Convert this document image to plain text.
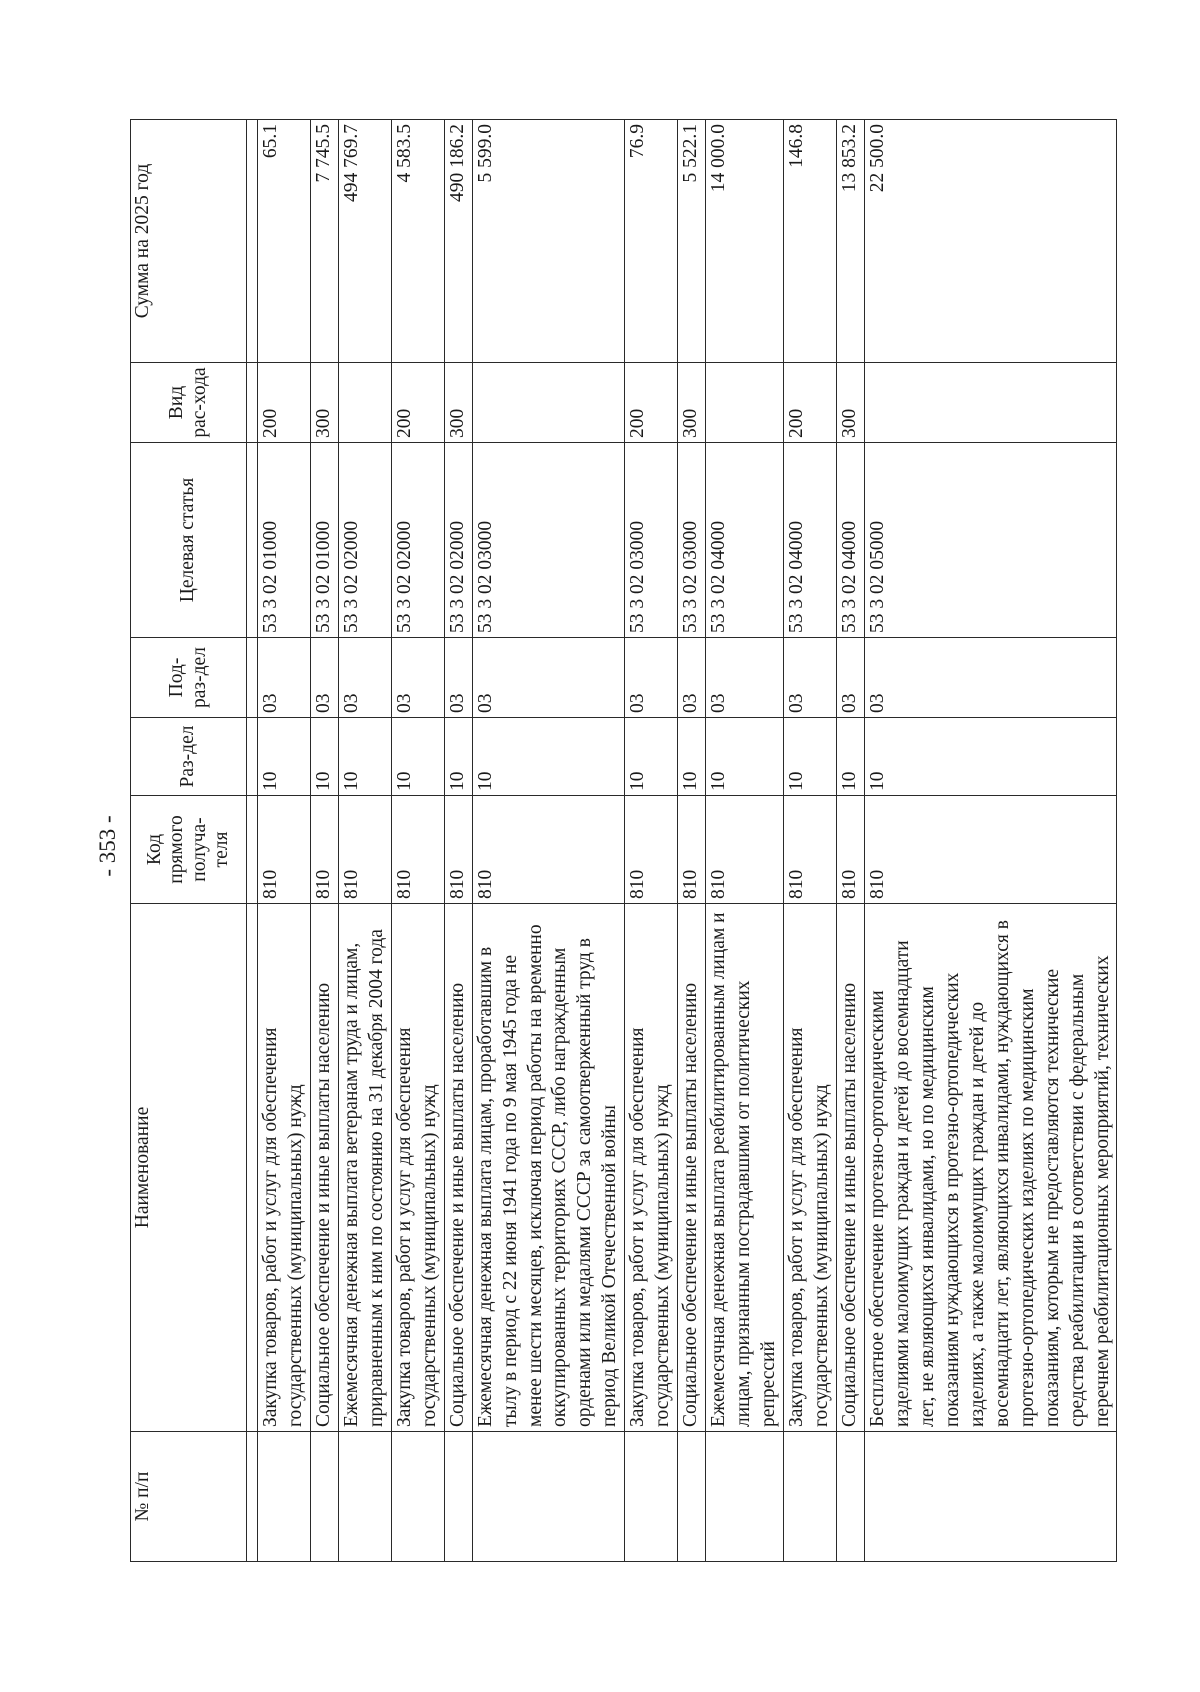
- 353 -
№ п/п	Наименование	Код прямого получа-теля	Раз-дел	Под-раз-дел	Целевая статья	Вид рас-хода	Сумма на 2025 год

	Закупка товаров, работ и услуг для обеспечения государственных (муниципальных) нужд	810	10	03	53 3 02 01000	200	65.1
	Социальное обеспечение и иные выплаты населению	810	10	03	53 3 02 01000	300	7 745.5
	Ежемесячная денежная выплата ветеранам труда и лицам, приравненным к ним по состоянию на 31 декабря 2004 года	810	10	03	53 3 02 02000		494 769.7
	Закупка товаров, работ и услуг для обеспечения государственных (муниципальных) нужд	810	10	03	53 3 02 02000	200	4 583.5
	Социальное обеспечение и иные выплаты населению	810	10	03	53 3 02 02000	300	490 186.2
	Ежемесячная денежная выплата лицам, проработавшим в тылу в период с 22 июня 1941 года по 9 мая 1945 года не менее шести месяцев, исключая период работы на временно оккупированных территориях СССР, либо награжденным орденами или медалями СССР за самоотверженный труд в период Великой Отечественной войны	810	10	03	53 3 02 03000		5 599.0
	Закупка товаров, работ и услуг для обеспечения государственных (муниципальных) нужд	810	10	03	53 3 02 03000	200	76.9
	Социальное обеспечение и иные выплаты населению	810	10	03	53 3 02 03000	300	5 522.1
	Ежемесячная денежная выплата реабилитированным лицам и лицам, признанным пострадавшими от политических репрессий	810	10	03	53 3 02 04000		14 000.0
	Закупка товаров, работ и услуг для обеспечения государственных (муниципальных) нужд	810	10	03	53 3 02 04000	200	146.8
	Социальное обеспечение и иные выплаты населению	810	10	03	53 3 02 04000	300	13 853.2
	Бесплатное обеспечение протезно-ортопедическими изделиями малоимущих граждан и детей до восемнадцати лет, не являющихся инвалидами, но по медицинским показаниям нуждающихся в протезно-ортопедических изделиях, а также малоимущих граждан и детей до восемнадцати лет, являющихся инвалидами, нуждающихся в протезно-ортопедических изделиях по медицинским показаниям, которым не предоставляются технические средства реабилитации в соответствии с федеральным перечнем реабилитационных мероприятий, технических	810	10	03	53 3 02 05000		22 500.0
